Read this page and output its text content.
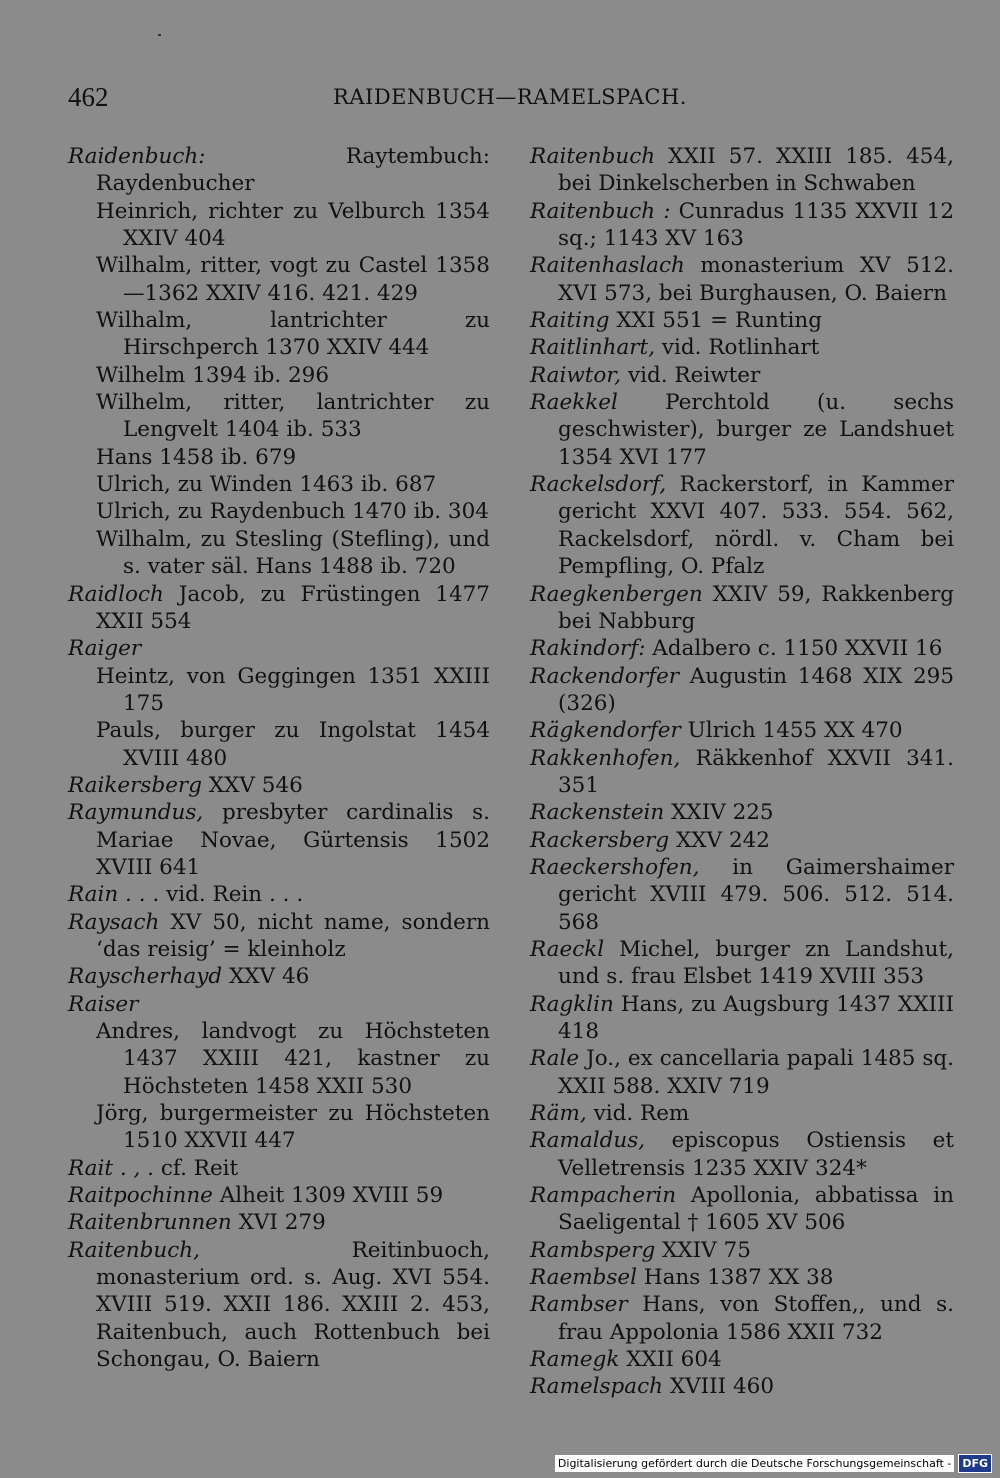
462	RAIDENBUCH—RAMELSPACH.
Raidenbuch: Raytembuch: Raydenbucher
Heinrich, richter zu Velburch 1354 XXIV 404
Wilhalm, ritter, vogt zu Castel 1358—1362 XXIV 416. 421. 429
Wilhalm, lantrichter zu Hirschperch 1370 XXIV 444
Wilhelm 1394 ib. 296
Wilhelm, ritter, lantrichter zu Lengvelt 1404 ib. 533
Hans 1458 ib. 679
Ulrich, zu Winden 1463 ib. 687
Ulrich, zu Raydenbuch 1470 ib. 304
Wilhalm, zu Stesling (Stefling), und s. vater säl. Hans 1488 ib. 720
Raidloch Jacob, zu Früstingen 1477 XXII 554
Raiger
Heintz, von Geggingen 1351 XXIII 175
Pauls, burger zu Ingolstat 1454 XVIII 480
Raikersberg XXV 546
Raymundus, presbyter cardinalis s. Mariae Novae, Gürtensis 1502 XVIII 641
Rain . . . vid. Rein . . .
Raysach XV 50, nicht name, sondern ‘das reisig’ = kleinholz
Rayscherhayd XXV 46
Raiser
Andres, landvogt zu Höchsteten 1437 XXIII 421, kastner zu Höchsteten 1458 XXII 530
Jörg, burgermeister zu Höchsteten 1510 XXVII 447
Rait . , . cf. Reit
Raitpochinne Alheit 1309 XVIII 59
Raitenbrunnen XVI 279
Raitenbuch, Reitinbuoch, monasterium ord. s. Aug. XVI 554. XVIII 519. XXII 186. XXIII 2. 453, Raitenbuch, auch Rottenbuch bei Schongau, O. Baiern
Raitenbuch XXII 57. XXIII 185. 454, bei Dinkelscherben in Schwaben
Raitenbuch : Cunradus 1135 XXVII 12 sq.; 1143 XV 163
Raitenhaslach monasterium XV 512. XVI 573, bei Burghausen, O. Baiern
Raiting XXI 551 = Runting
Raitlinhart, vid. Rotlinhart
Raiwtor, vid. Reiwter
Raekkel Perchtold (u. sechs geschwister), burger ze Landshuet 1354 XVI 177
Rackelsdorf, Rackerstorf, in Kammer gericht XXVI 407. 533. 554. 562, Rackelsdorf, nördl. v. Cham bei Pempfling, O. Pfalz
Raegkenbergen XXIV 59, Rakkenberg bei Nabburg
Rakindorf: Adalbero c. 1150 XXVII 16
Rackendorfer Augustin 1468 XIX 295 (326)
Rägkendorfer Ulrich 1455 XX 470
Rakkenhofen, Räkkenhof XXVII 341. 351
Rackenstein XXIV 225
Rackersberg XXV 242
Raeckershofen, in Gaimershaimer gericht XVIII 479. 506. 512. 514. 568
Raeckl Michel, burger zn Landshut, und s. frau Elsbet 1419 XVIII 353
Ragklin Hans, zu Augsburg 1437 XXIII 418
Rale Jo., ex cancellaria papali 1485 sq. XXII 588. XXIV 719
Räm, vid. Rem
Ramaldus, episcopus Ostiensis et Velletrensis 1235 XXIV 324*
Rampacherin Apollonia, abbatissa in Saeligental † 1605 XV 506
Rambsperg XXIV 75
Raembsel Hans 1387 XX 38
Rambser Hans, von Stoffen,, und s. frau Appolonia 1586 XXII 732
Ramegk XXII 604
Ramelspach XVIII 460
Digitalisierung gefördert durch die Deutsche Forschungsgemeinschaft -	DFG
